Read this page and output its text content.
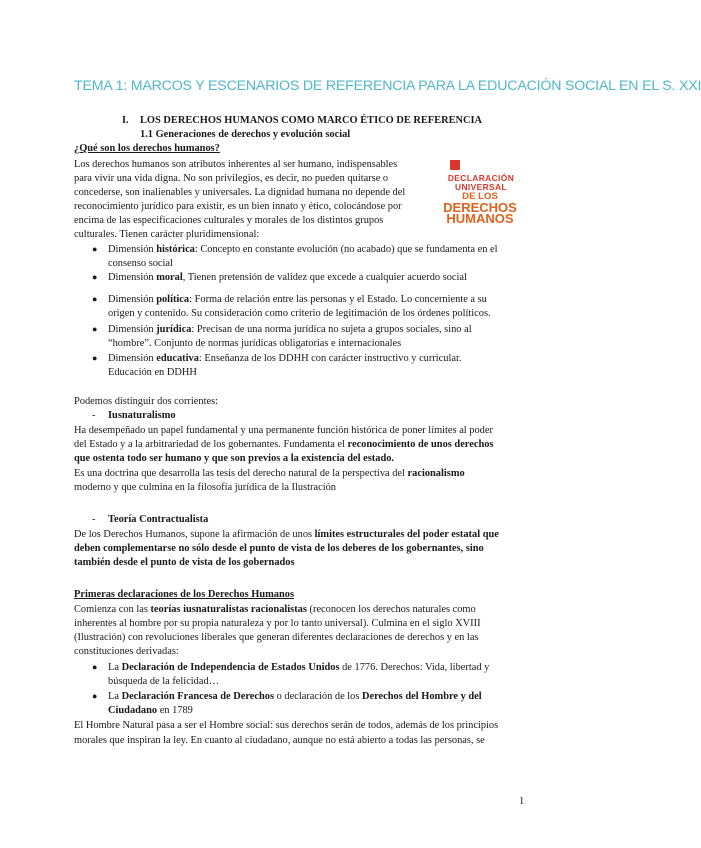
TEMA 1: MARCOS Y ESCENARIOS DE REFERENCIA PARA LA EDUCACIÓN SOCIAL EN EL S. XXI
I. LOS DERECHOS HUMANOS COMO MARCO ÉTICO DE REFERENCIA
1.1 Generaciones de derechos y evolución social
¿Qué son los derechos humanos?
Los derechos humanos son atributos inherentes al ser humano, indispensables
para vivir una vida digna. No son privilegios, es decir, no pueden quitarse o
concederse, son inalienables y universales. La dignidad humana no depende del
reconocimiento jurídico para existir, es un bien innato y ético, colocándose por
encima de las especificaciones culturales y morales de los distintos grupos
culturales. Tienen carácter pluridimensional:
DECLARACIÓN
UNIVERSAL
DE LOS
DERECHOS
HUMANOS
● Dimensión histórica: Concepto en constante evolución (no acabado) que se fundamenta en el
consenso social
● Dimensión moral, Tienen pretensión de validez que excede a cualquier acuerdo social
● Dimensión política: Forma de relación entre las personas y el Estado. Lo concerniente a su
origen y contenido. Su consideración como criterio de legitimación de los órdenes políticos.
● Dimensión jurídica: Precisan de una norma jurídica no sujeta a grupos sociales, sino al
“hombre”. Conjunto de normas jurídicas obligatorias e internacionales
● Dimensión educativa: Enseñanza de los DDHH con carácter instructivo y curricular.
Educación en DDHH
Podemos distinguir dos corrientes:
- Iusnaturalismo
Ha desempeñado un papel fundamental y una permanente función histórica de poner límites al poder
del Estado y a la arbitrariedad de los gobernantes. Fundamenta el reconocimiento de unos derechos
que ostenta todo ser humano y que son previos a la existencia del estado.
Es una doctrina que desarrolla las tesis del derecho natural de la perspectiva del racionalismo
moderno y que culmina en la filosofía jurídica de la Ilustración
- Teoría Contractualista
De los Derechos Humanos, supone la afirmación de unos límites estructurales del poder estatal que
deben complementarse no sólo desde el punto de vista de los deberes de los gobernantes, sino
también desde el punto de vista de los gobernados
Primeras declaraciones de los Derechos Humanos
Comienza con las teorías iusnaturalistas racionalistas (reconocen los derechos naturales como
inherentes al hombre por su propia naturaleza y por lo tanto universal). Culmina en el siglo XVIII
(Ilustración) con revoluciones liberales que generan diferentes declaraciones de derechos y en las
constituciones derivadas:
● La Declaración de Independencia de Estados Unidos de 1776. Derechos: Vida, libertad y
búsqueda de la felicidad…
● La Declaración Francesa de Derechos o declaración de los Derechos del Hombre y del
Ciudadano en 1789
El Hombre Natural pasa a ser el Hombre social: sus derechos serán de todos, además de los principios
morales que inspiran la ley. En cuanto al ciudadano, aunque no está abierto a todas las personas, se
1
